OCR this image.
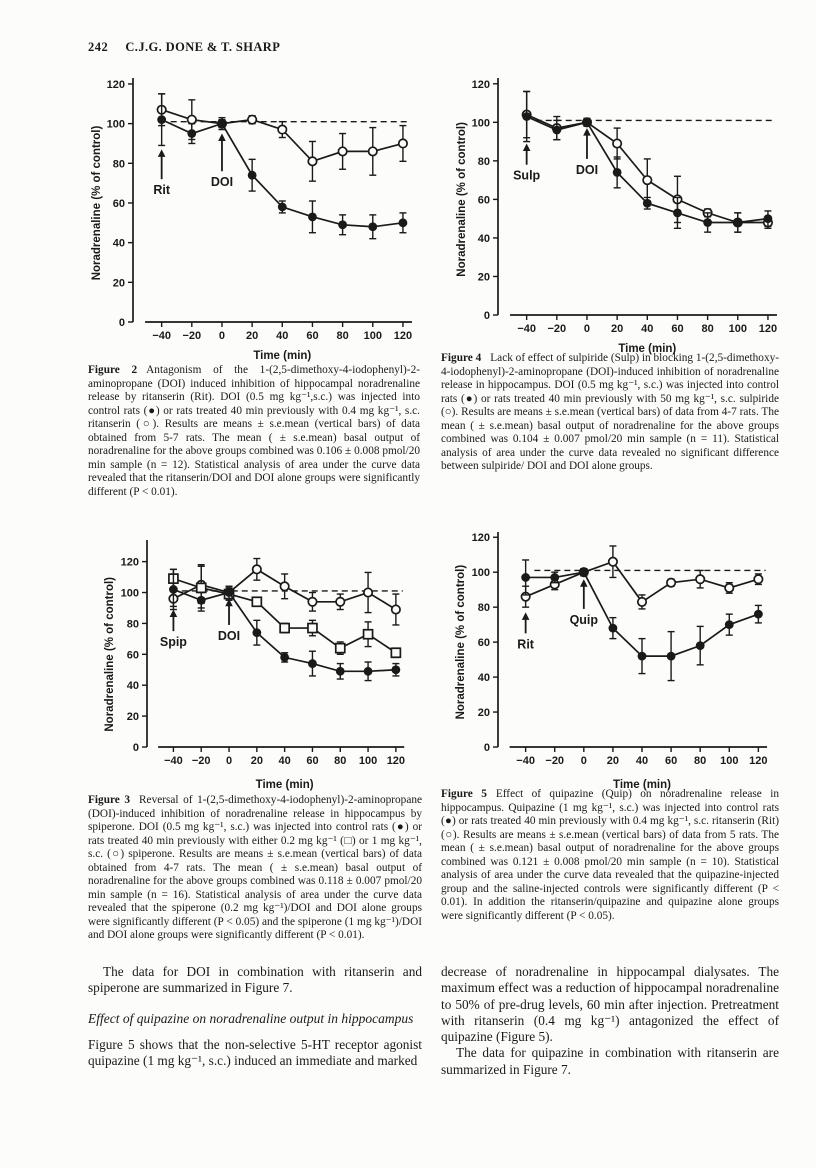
242 C.J.G. DONE & T. SHARP
0
20
40
60
80
100
120
−40 −20 0 20 40 60 80 100 120
Time (min)
Noradrenaline (% of control)	Rit
DOI
0
20
40
60
80
100
120
−40 −20 0 20 40 60 80 100 120
Time (min)
Noradrenaline (% of control)	Sulp	DOI
Figure 2 Antagonism of the 1-(2,5-dimethoxy-4-iodophenyl)-2-aminopropane (DOI) induced inhibition of hippocampal noradrenaline release by ritanserin (Rit). DOI (0.5 mg kg⁻¹,s.c.) was injected into control rats (●) or rats treated 40 min previously with 0.4 mg kg⁻¹, s.c. ritanserin (○). Results are means ± s.e.mean (vertical bars) of data obtained from 5-7 rats. The mean ( ± s.e.mean) basal output of noradrenaline for the above groups combined was 0.106 ± 0.008 pmol/20 min sample (n = 12). Statistical analysis of area under the curve data revealed that the ritanserin/DOI and DOI alone groups were significantly different (P < 0.01).
Figure 4 Lack of effect of sulpiride (Sulp) in blocking 1-(2,5-dimethoxy-4-iodophenyl)-2-aminopropane (DOI)-induced inhibition of noradrenaline release in hippocampus. DOI (0.5 mg kg⁻¹, s.c.) was injected into control rats (●) or rats treated 40 min previously with 50 mg kg⁻¹, s.c. sulpiride (○). Results are means ± s.e.mean (vertical bars) of data from 4-7 rats. The mean ( ± s.e.mean) basal output of noradrenaline for the above groups combined was 0.104 ± 0.007 pmol/20 min sample (n = 11). Statistical analysis of area under the curve data revealed no significant difference between sulpiride/ DOI and DOI alone groups.
0
20
40
60
80
100
120
−40 −20 0 20 40 60 80 100 120
Time (min)
Noradrenaline (% of control)	Spip DOI
0
20
40
60
80
100
120
−40 −20 0 20 40 60 80 100 120
Time (min)
Noradrenaline (% of control)	Rit
Quip
Figure 3 Reversal of 1-(2,5-dimethoxy-4-iodophenyl)-2-aminopropane (DOI)-induced inhibition of noradrenaline release in hippocampus by spiperone. DOI (0.5 mg kg⁻¹, s.c.) was injected into control rats (●) or rats treated 40 min previously with either 0.2 mg kg⁻¹ (□) or 1 mg kg⁻¹, s.c. (○) spiperone. Results are means ± s.e.mean (vertical bars) of data obtained from 4-7 rats. The mean ( ± s.e.mean) basal output of noradrenaline for the above groups combined was 0.118 ± 0.007 pmol/20 min sample (n = 16). Statistical analysis of area under the curve data revealed that the spiperone (0.2 mg kg⁻¹)/DOI and DOI alone groups were significantly different (P < 0.05) and the spiperone (1 mg kg⁻¹)/DOI and DOI alone groups were significantly different (P < 0.01).
Figure 5 Effect of quipazine (Quip) on noradrenaline release in hippocampus. Quipazine (1 mg kg⁻¹, s.c.) was injected into control rats (●) or rats treated 40 min previously with 0.4 mg kg⁻¹, s.c. ritanserin (Rit) (○). Results are means ± s.e.mean (vertical bars) of data from 5 rats. The mean ( ± s.e.mean) basal output of noradrenaline for the above groups combined was 0.121 ± 0.008 pmol/20 min sample (n = 10). Statistical analysis of area under the curve data revealed that the quipazine-injected group and the saline-injected controls were significantly different (P < 0.01). In addition the ritanserin/quipazine and quipazine alone groups were significantly different (P < 0.05).

The data for DOI in combination with ritanserin and spiperone are summarized in Figure 7.

Effect of quipazine on noradrenaline output in hippocampus

Figure 5 shows that the non-selective 5-HT receptor agonist quipazine (1 mg kg⁻¹, s.c.) induced an immediate and marked

decrease of noradrenaline in hippocampal dialysates. The maximum effect was a reduction of hippocampal noradrenaline to 50% of pre-drug levels, 60 min after injection. Pretreatment with ritanserin (0.4 mg kg⁻¹) antagonized the effect of quipazine (Figure 5).

The data for quipazine in combination with ritanserin are summarized in Figure 7.
